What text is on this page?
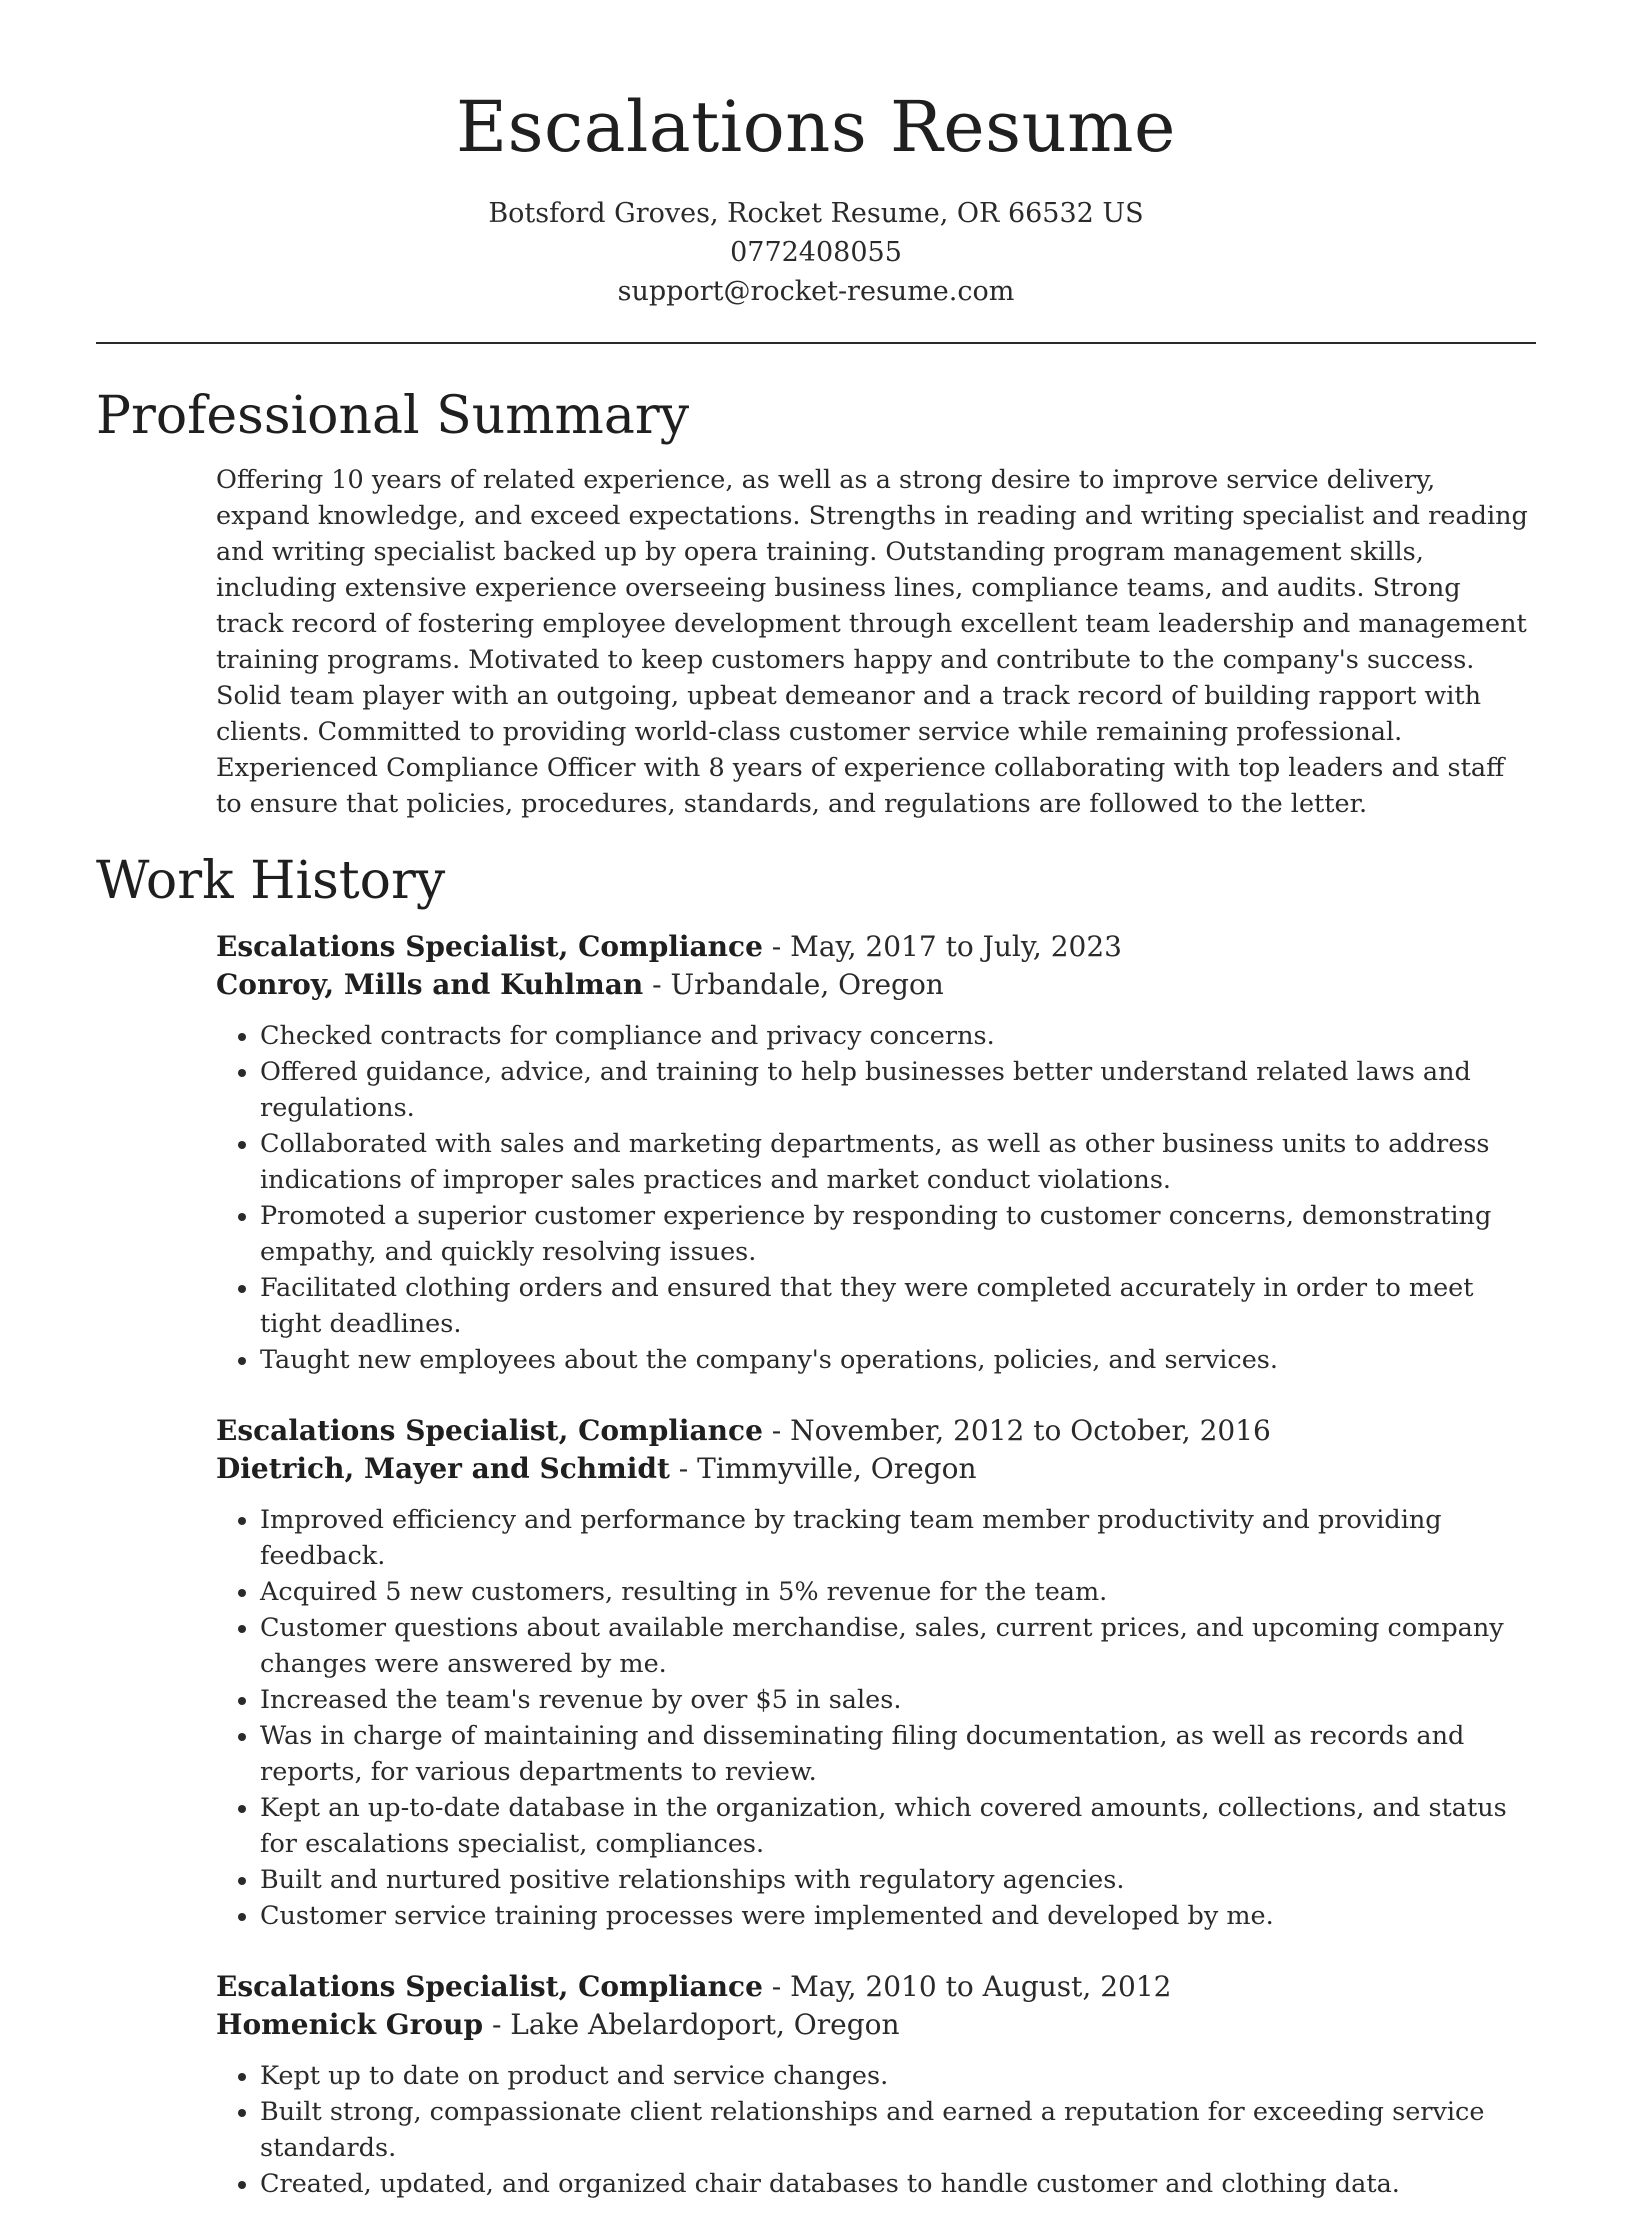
Escalations Resume
Botsford Groves, Rocket Resume, OR 66532 US
0772408055
support@rocket-resume.com
Professional Summary

Offering 10 years of related experience, as well as a strong desire to improve service delivery, expand knowledge, and exceed expectations. Strengths in reading and writing specialist and reading and writing specialist backed up by opera training. Outstanding program management skills, including extensive experience overseeing business lines, compliance teams, and audits. Strong track record of fostering employee development through excellent team leadership and management training programs. Motivated to keep customers happy and contribute to the company's success. Solid team player with an outgoing, upbeat demeanor and a track record of building rapport with clients. Committed to providing world-class customer service while remaining professional. Experienced Compliance Officer with 8 years of experience collaborating with top leaders and staff to ensure that policies, procedures, standards, and regulations are followed to the letter.

Work History

Escalations Specialist, Compliance - May, 2017 to July, 2023

Conroy, Mills and Kuhlman - Urbandale, Oregon

• Checked contracts for compliance and privacy concerns.
• Offered guidance, advice, and training to help businesses better understand related laws and regulations.
• Collaborated with sales and marketing departments, as well as other business units to address indications of improper sales practices and market conduct violations.
• Promoted a superior customer experience by responding to customer concerns, demonstrating empathy, and quickly resolving issues.
• Facilitated clothing orders and ensured that they were completed accurately in order to meet tight deadlines.
• Taught new employees about the company's operations, policies, and services.

Escalations Specialist, Compliance - November, 2012 to October, 2016

Dietrich, Mayer and Schmidt - Timmyville, Oregon

• Improved efficiency and performance by tracking team member productivity and providing feedback.
• Acquired 5 new customers, resulting in 5% revenue for the team.
• Customer questions about available merchandise, sales, current prices, and upcoming company changes were answered by me.
• Increased the team's revenue by over $5 in sales.
• Was in charge of maintaining and disseminating filing documentation, as well as records and reports, for various departments to review.
• Kept an up-to-date database in the organization, which covered amounts, collections, and status for escalations specialist, compliances.
• Built and nurtured positive relationships with regulatory agencies.
• Customer service training processes were implemented and developed by me.

Escalations Specialist, Compliance - May, 2010 to August, 2012

Homenick Group - Lake Abelardoport, Oregon

• Kept up to date on product and service changes.
• Built strong, compassionate client relationships and earned a reputation for exceeding service standards.
• Created, updated, and organized chair databases to handle customer and clothing data.
